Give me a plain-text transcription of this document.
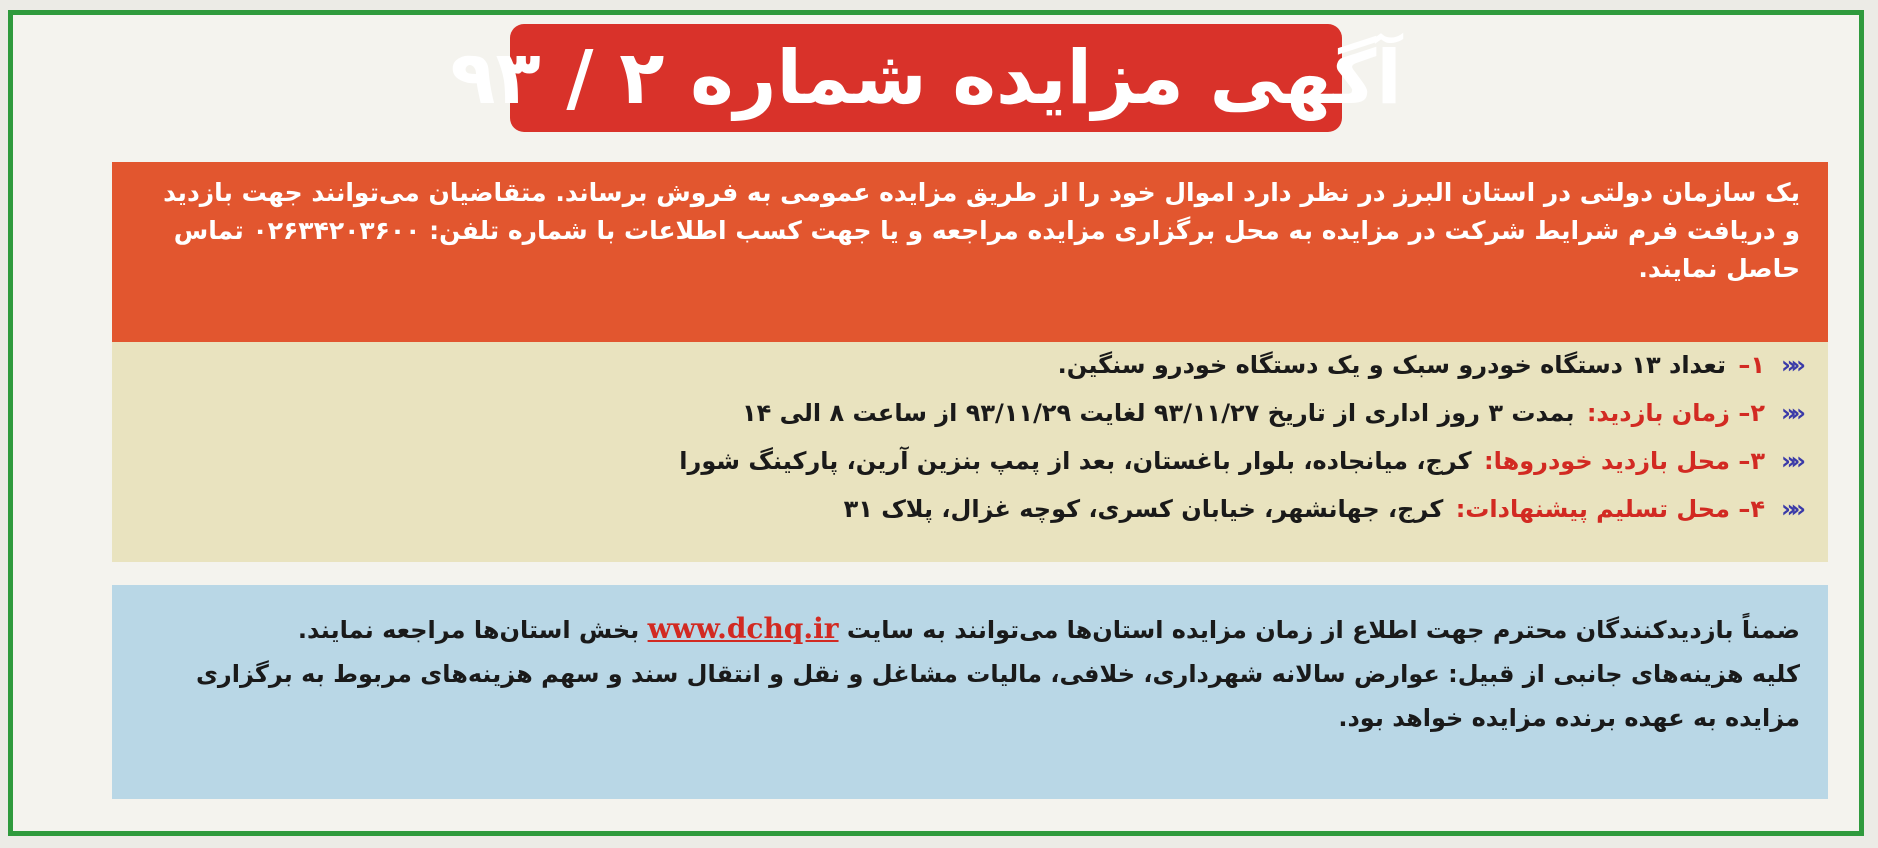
آگهی مزایده شماره ۲ / ۹۳
یک سازمان دولتی در استان البرز در نظر دارد اموال خود را از طریق مزایده عمومی به فروش برساند. متقاضیان می‌توانند جهت بازدید و دریافت فرم شرایط شرکت در مزایده به محل برگزاری مزایده مراجعه و یا جهت کسب اطلاعات با شماره تلفن: ۰۲۶۳۴۲۰۳۶۰۰ تماس حاصل نمایند.
««
۱– تعداد ۱۳ دستگاه خودرو سبک و یک دستگاه خودرو سنگین.
««
۲– زمان بازدید: بمدت ۳ روز اداری از تاریخ ۹۳/۱۱/۲۷ لغایت ۹۳/۱۱/۲۹ از ساعت ۸ الی ۱۴
««
۳– محل بازدید خودروها: کرج، میانجاده، بلوار باغستان، بعد از پمپ بنزین آرین، پارکینگ شورا
««
۴– محل تسلیم پیشنهادات: کرج، جهانشهر، خیابان کسری، کوچه غزال، پلاک ۳۱
ضمناً بازدیدکنندگان محترم جهت اطلاع از زمان مزایده استان‌ها می‌توانند به سایت www.dchq.ir بخش استان‌ها مراجعه نمایند.
کلیه هزینه‌های جانبی از قبیل: عوارض سالانه شهرداری، خلافی، مالیات مشاغل و نقل و انتقال سند و سهم هزینه‌های مربوط به برگزاری مزایده به عهده برنده مزایده خواهد بود.
